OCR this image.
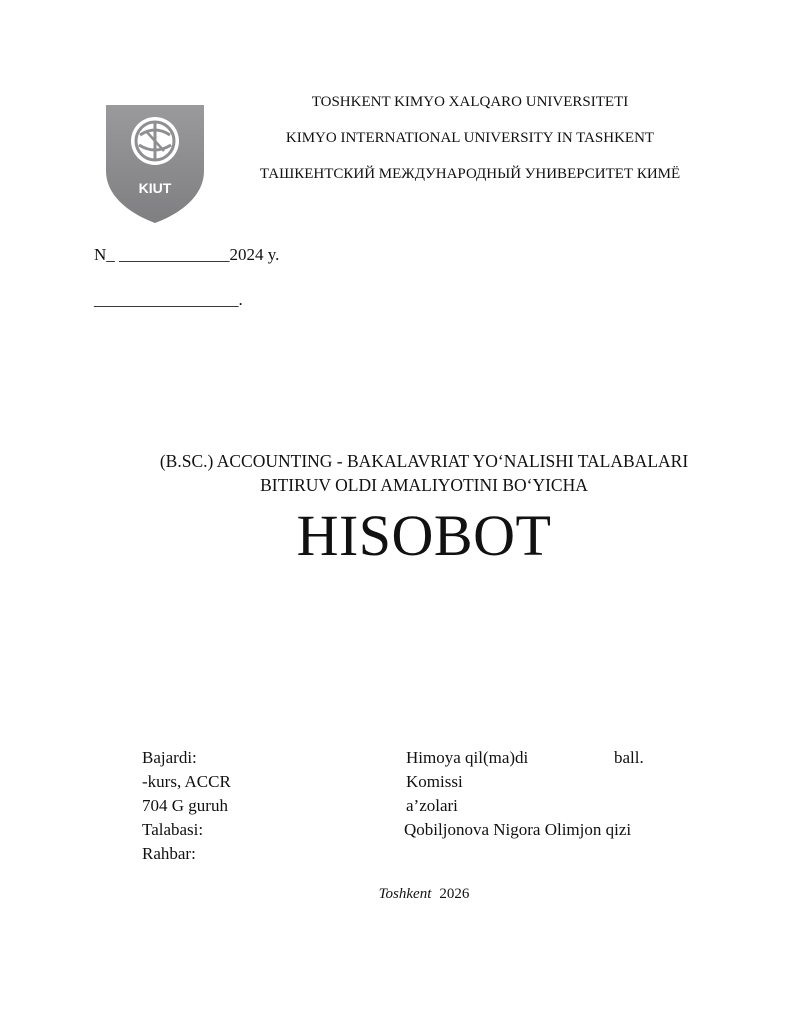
KIUT
TOSHKENT KIMYO XALQARO UNIVERSITETI
KIMYO INTERNATIONAL UNIVERSITY IN TASHKENT
ТАШКЕНТСКИЙ МЕЖДУНАРОДНЫЙ УНИВЕРСИТЕТ КИМЁ
N_ _____________2024 y.
_________________.
(B.SC.) ACCOUNTING - BAKALAVRIAT YO‘NALISHI TALABALARI
BITIRUV OLDI AMALIYOTINI BO‘YICHA
HISOBOT
Bajardi:
-kurs, ACCR
704 G guruh
Talabasi:
Rahbar:
Himoya qil(ma)di	ball.
Komissi
a’zolari
Qobiljonova Nigora Olimjon qizi
Toshkent 2026
